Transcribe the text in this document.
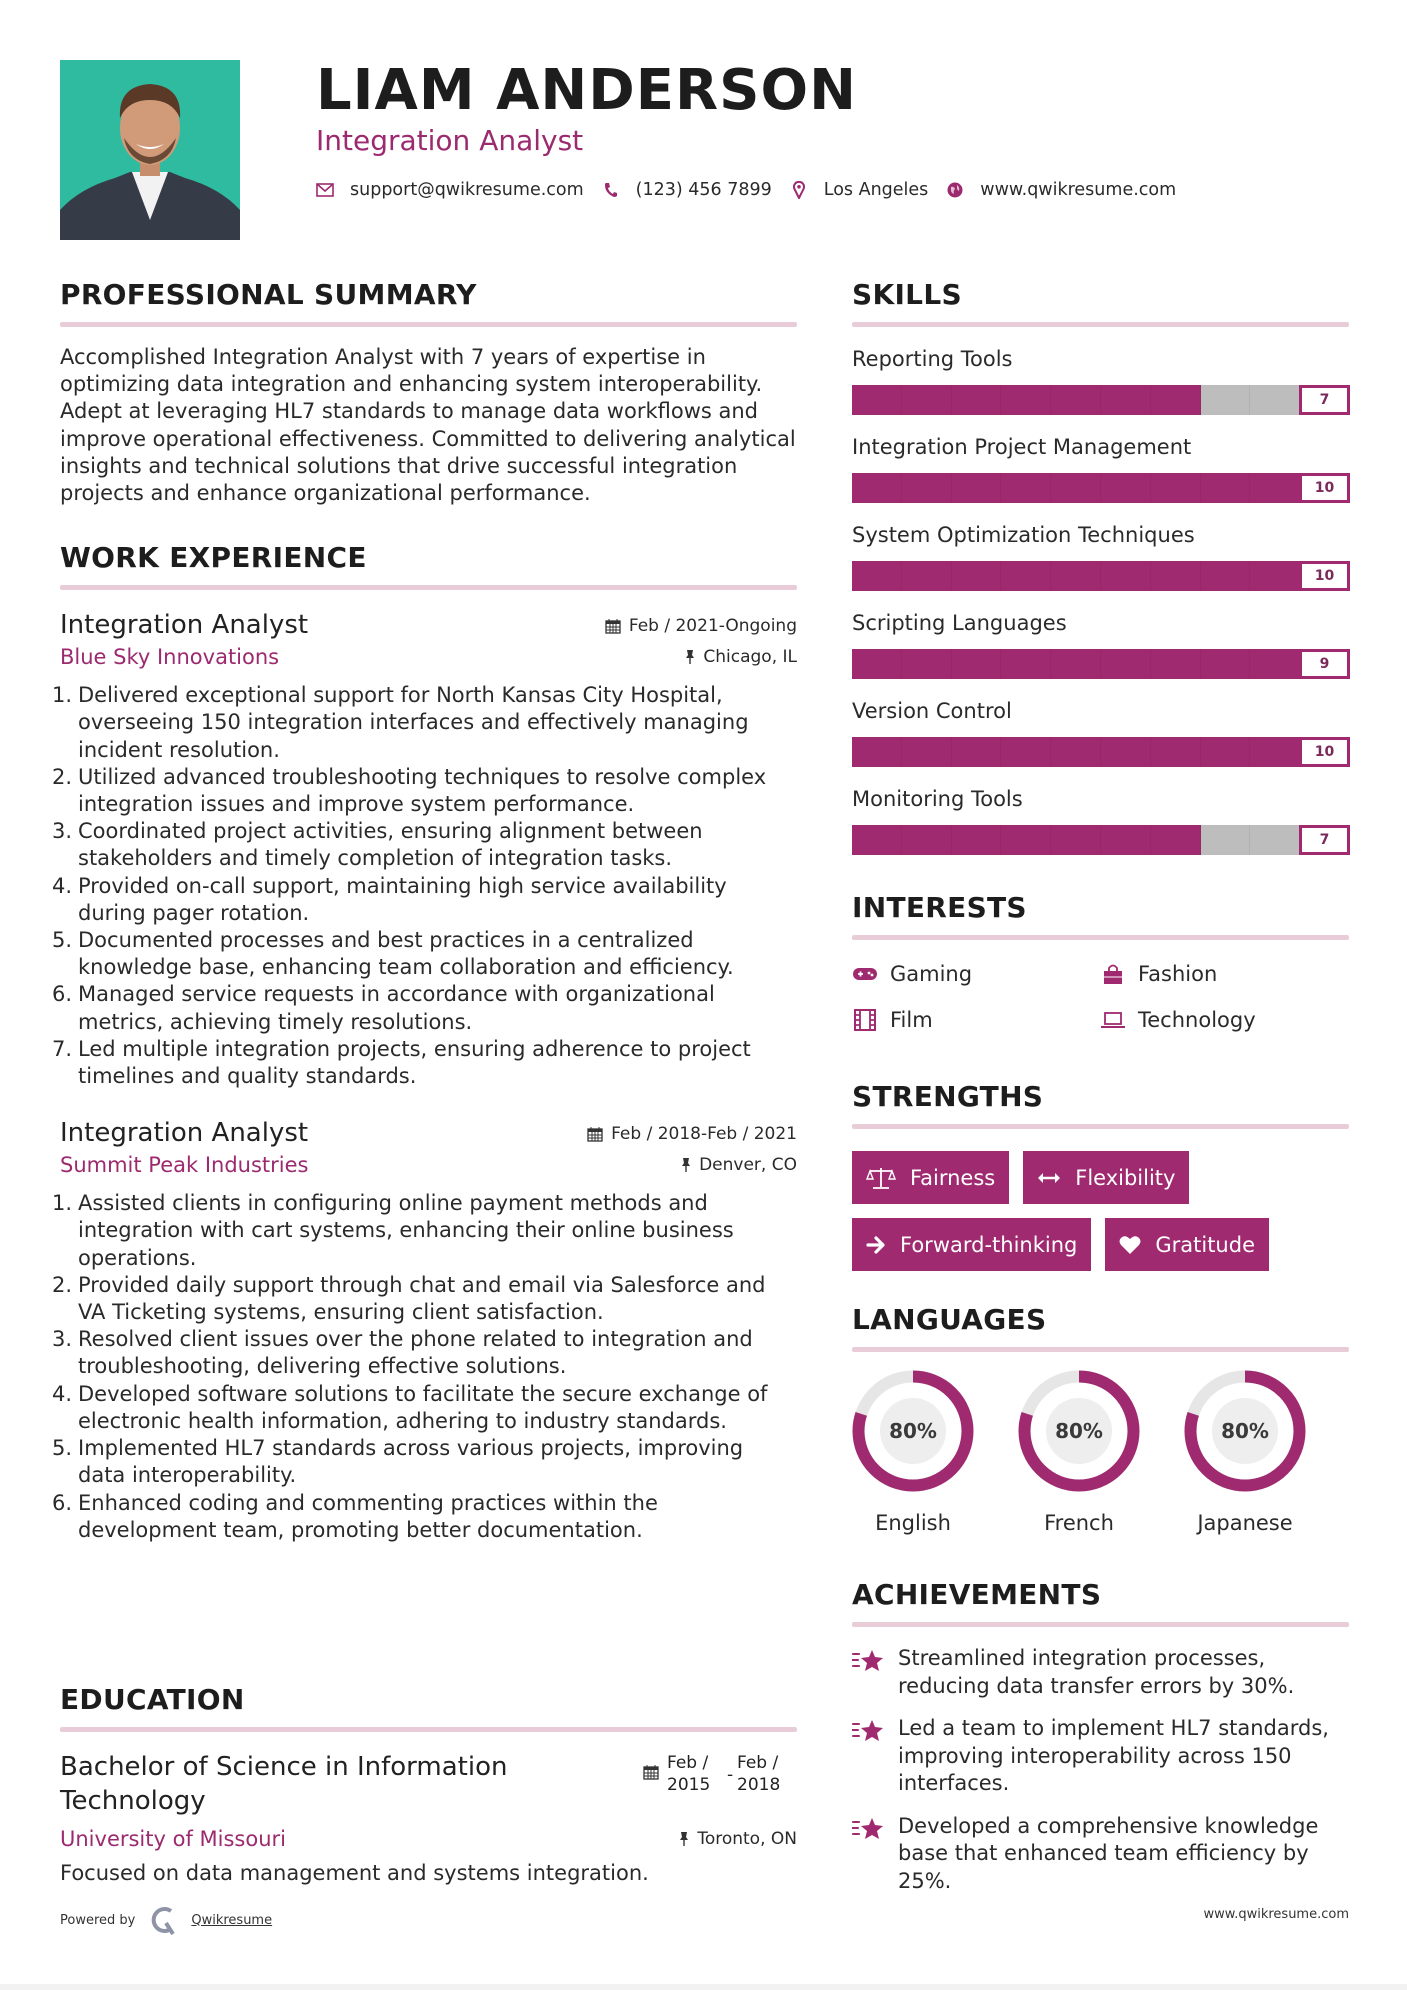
LIAM ANDERSON
Integration Analyst
support@qwikresume.com	(123) 456 7899	Los Angeles	www.qwikresume.com
PROFESSIONAL SUMMARY

Accomplished Integration Analyst with 7 years of expertise in optimizing data integration and enhancing system interoperability. Adept at leveraging HL7 standards to manage data workflows and improve operational effectiveness. Committed to delivering analytical insights and technical solutions that drive successful integration projects and enhance organizational performance.

WORK EXPERIENCE
Integration Analyst	Feb / 2021-Ongoing
Blue Sky Innovations	Chicago, IL
1. Delivered exceptional support for North Kansas City Hospital, overseeing 150 integration interfaces and effectively managing incident resolution.
2. Utilized advanced troubleshooting techniques to resolve complex integration issues and improve system performance.
3. Coordinated project activities, ensuring alignment between stakeholders and timely completion of integration tasks.
4. Provided on-call support, maintaining high service availability during pager rotation.
5. Documented processes and best practices in a centralized knowledge base, enhancing team collaboration and efficiency.
6. Managed service requests in accordance with organizational metrics, achieving timely resolutions.
7. Led multiple integration projects, ensuring adherence to project timelines and quality standards.
Integration Analyst	Feb / 2018-Feb / 2021
Summit Peak Industries	Denver, CO
1. Assisted clients in configuring online payment methods and integration with cart systems, enhancing their online business operations.
2. Provided daily support through chat and email via Salesforce and VA Ticketing systems, ensuring client satisfaction.
3. Resolved client issues over the phone related to integration and troubleshooting, delivering effective solutions.
4. Developed software solutions to facilitate the secure exchange of electronic health information, adhering to industry standards.
5. Implemented HL7 standards across various projects, improving data interoperability.
6. Enhanced coding and commenting practices within the development team, promoting better documentation.
EDUCATION
Bachelor of Science in Information Technology
Feb / 2015 -
Feb / 2018
University of Missouri	Toronto, ON
Focused on data management and systems integration.
SKILLS
Reporting Tools
7
Integration Project Management
10
System Optimization Techniques
10
Scripting Languages
9
Version Control
10
Monitoring Tools
7
INTERESTS
Gaming	Fashion
Film	Technology
STRENGTHS
Fairness	Flexibility
Forward-thinking	Gratitude
LANGUAGES
80%
English
80%
French
80%
Japanese
ACHIEVEMENTS
Streamlined integration processes, reducing data transfer errors by 30%.
Led a team to implement HL7 standards, improving interoperability across 150 interfaces.
Developed a comprehensive knowledge base that enhanced team efficiency by 25%.
Powered by	Qwikresume	www.qwikresume.com
